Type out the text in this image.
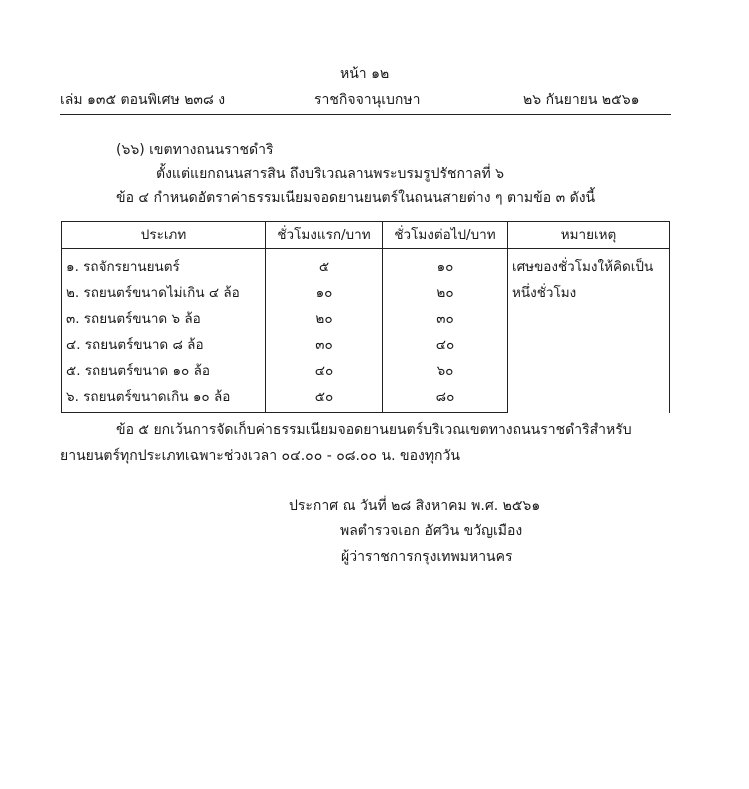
หน้า ๑๒
เล่ม ๑๓๕ ตอนพิเศษ ๒๓๘ ง	ราชกิจจานุเบกษา	๒๖ กันยายน ๒๕๖๑
(๖๖) เขตทางถนนราชดำริ
ตั้งแต่แยกถนนสารสิน ถึงบริเวณลานพระบรมรูปรัชกาลที่ ๖
ข้อ ๔ กำหนดอัตราค่าธรรมเนียมจอดยานยนตร์ในถนนสายต่าง ๆ ตามข้อ ๓ ดังนี้
ประเภท	ชั่วโมงแรก/บาท	ชั่วโมงต่อไป/บาท	หมายเหตุ
๑. รถจักรยานยนตร์	๕	๑๐	เศษของชั่วโมงให้คิดเป็นหนึ่งชั่วโมง
๒. รถยนตร์ขนาดไม่เกิน ๔ ล้อ	๑๐	๒๐	
๓. รถยนตร์ขนาด ๖ ล้อ	๒๐	๓๐	
๔. รถยนตร์ขนาด ๘ ล้อ	๓๐	๔๐	
๕. รถยนตร์ขนาด ๑๐ ล้อ	๔๐	๖๐	
๖. รถยนตร์ขนาดเกิน ๑๐ ล้อ	๕๐	๘๐	
ข้อ ๕ ยกเว้นการจัดเก็บค่าธรรมเนียมจอดยานยนตร์บริเวณเขตทางถนนราชดำริสำหรับ
ยานยนตร์ทุกประเภทเฉพาะช่วงเวลา ๐๔.๐๐ - ๐๘.๐๐ น. ของทุกวัน
ประกาศ ณ วันที่ ๒๘ สิงหาคม พ.ศ. ๒๕๖๑
พลตำรวจเอก อัศวิน ขวัญเมือง
ผู้ว่าราชการกรุงเทพมหานคร
